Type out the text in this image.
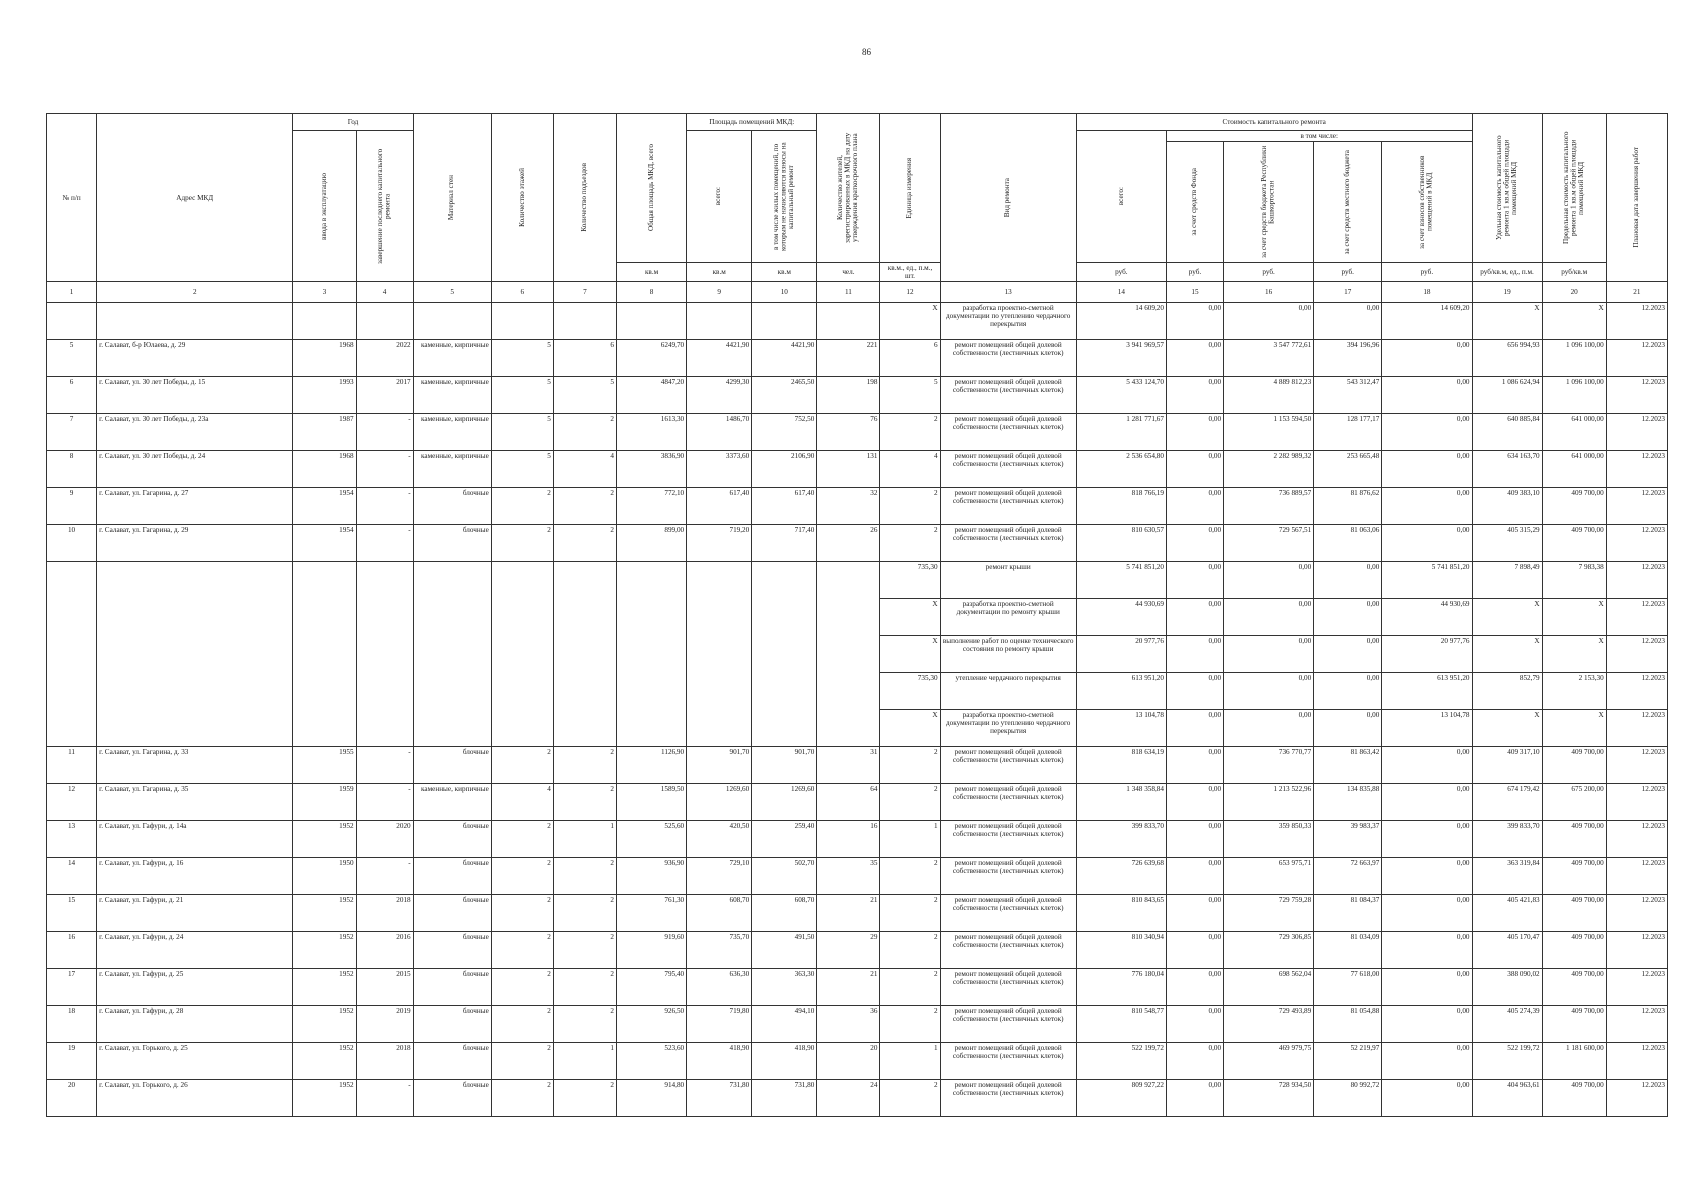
86
№ п/п	Адрес МКД	Год		Материал стен	Количество этажей	Количество подъездов	Общая площадь МКД, всего	Площадь помещений МКД:		Количество жителей, зарегистрированных в МКД на дату утверждения краткосрочного плана	Единица измерения	Вид ремонта	Стоимость капитального ремонта					Удельная стоимость капитального ремонта 1 кв.м общей площади помещений МКД	Предельная стоимость капитального ремонта 1 кв.м общей площади помещений МКД	Плановая дата завершения работ

		ввода в эксплуатацию	завершение последнего капитального ремонта					всего:	в том числе жилых помещений, по которым не начисляются взносы на капитальный ремонт				всего:	в том числе:						

														за счет средств Фонда	за счет средств бюджета Республики Башкортостан	за счет средств местного бюджета	за счет взносов собственников помещений в МКД			

							кв.м	кв.м	кв.м	чел.	кв.м., ед., п.м., шт.		руб.	руб.	руб.	руб.	руб.	руб/кв.м, ед., п.м.	руб/кв.м	
1	2	3	4	5	6	7	8	9	10	11	12	13	14	15	16	17	18	19	20	21
											X	разработка проектно-сметной документации по утеплению чердачного перекрытия	14 609,20	0,00	0,00	0,00	14 609,20	X	X	12.2023
5	г. Салават, б-р Юлаева, д. 29	1968	2022	каменные, кирпичные	5	6	6249,70	4421,90	4421,90	221	6	ремонт помещений общей долевой собственности (лестничных клеток)	3 941 969,57	0,00	3 547 772,61	394 196,96	0,00	656 994,93	1 096 100,00	12.2023
6	г. Салават, ул. 30 лет Победы, д. 15	1993	2017	каменные, кирпичные	5	5	4847,20	4299,30	2465,50	198	5	ремонт помещений общей долевой собственности (лестничных клеток)	5 433 124,70	0,00	4 889 812,23	543 312,47	0,00	1 086 624,94	1 096 100,00	12.2023
7	г. Салават, ул. 30 лет Победы, д. 23а	1987	-	каменные, кирпичные	5	2	1613,30	1486,70	752,50	76	2	ремонт помещений общей долевой собственности (лестничных клеток)	1 281 771,67	0,00	1 153 594,50	128 177,17	0,00	640 885,84	641 000,00	12.2023
8	г. Салават, ул. 30 лет Победы, д. 24	1968	-	каменные, кирпичные	5	4	3836,90	3373,60	2106,90	131	4	ремонт помещений общей долевой собственности (лестничных клеток)	2 536 654,80	0,00	2 282 989,32	253 665,48	0,00	634 163,70	641 000,00	12.2023
9	г. Салават, ул. Гагарина, д. 27	1954	-	блочные	2	2	772,10	617,40	617,40	32	2	ремонт помещений общей долевой собственности (лестничных клеток)	818 766,19	0,00	736 889,57	81 876,62	0,00	409 383,10	409 700,00	12.2023
10	г. Салават, ул. Гагарина, д. 29	1954	-	блочные	2	2	899,00	719,20	717,40	26	2	ремонт помещений общей долевой собственности (лестничных клеток)	810 630,57	0,00	729 567,51	81 063,06	0,00	405 315,29	409 700,00	12.2023
											735,30	ремонт крыши	5 741 851,20	0,00	0,00	0,00	5 741 851,20	7 898,49	7 983,38	12.2023
											X	разработка проектно-сметной документации по ремонту крыши	44 930,69	0,00	0,00	0,00	44 930,69	X	X	12.2023
											X	выполнение работ по оценке технического состояния по ремонту крыши	20 977,76	0,00	0,00	0,00	20 977,76	X	X	12.2023
											735,30	утепление чердачного перекрытия	613 951,20	0,00	0,00	0,00	613 951,20	852,79	2 153,30	12.2023
											X	разработка проектно-сметной документации по утеплению чердачного перекрытия	13 104,78	0,00	0,00	0,00	13 104,78	X	X	12.2023
11	г. Салават, ул. Гагарина, д. 33	1955	-	блочные	2	2	1126,90	901,70	901,70	31	2	ремонт помещений общей долевой собственности (лестничных клеток)	818 634,19	0,00	736 770,77	81 863,42	0,00	409 317,10	409 700,00	12.2023
12	г. Салават, ул. Гагарина, д. 35	1959	-	каменные, кирпичные	4	2	1589,50	1269,60	1269,60	64	2	ремонт помещений общей долевой собственности (лестничных клеток)	1 348 358,84	0,00	1 213 522,96	134 835,88	0,00	674 179,42	675 200,00	12.2023
13	г. Салават, ул. Гафури, д. 14а	1952	2020	блочные	2	1	525,60	420,50	259,40	16	1	ремонт помещений общей долевой собственности (лестничных клеток)	399 833,70	0,00	359 850,33	39 983,37	0,00	399 833,70	409 700,00	12.2023
14	г. Салават, ул. Гафури, д. 16	1950	-	блочные	2	2	936,90	729,10	502,70	35	2	ремонт помещений общей долевой собственности (лестничных клеток)	726 639,68	0,00	653 975,71	72 663,97	0,00	363 319,84	409 700,00	12.2023
15	г. Салават, ул. Гафури, д. 21	1952	2018	блочные	2	2	761,30	608,70	608,70	21	2	ремонт помещений общей долевой собственности (лестничных клеток)	810 843,65	0,00	729 759,28	81 084,37	0,00	405 421,83	409 700,00	12.2023
16	г. Салават, ул. Гафури, д. 24	1952	2016	блочные	2	2	919,60	735,70	491,50	29	2	ремонт помещений общей долевой собственности (лестничных клеток)	810 340,94	0,00	729 306,85	81 034,09	0,00	405 170,47	409 700,00	12.2023
17	г. Салават, ул. Гафури, д. 25	1952	2015	блочные	2	2	795,40	636,30	363,30	21	2	ремонт помещений общей долевой собственности (лестничных клеток)	776 180,04	0,00	698 562,04	77 618,00	0,00	388 090,02	409 700,00	12.2023
18	г. Салават, ул. Гафури, д. 28	1952	2019	блочные	2	2	926,50	719,80	494,10	36	2	ремонт помещений общей долевой собственности (лестничных клеток)	810 548,77	0,00	729 493,89	81 054,88	0,00	405 274,39	409 700,00	12.2023
19	г. Салават, ул. Горького, д. 25	1952	2018	блочные	2	1	523,60	418,90	418,90	20	1	ремонт помещений общей долевой собственности (лестничных клеток)	522 199,72	0,00	469 979,75	52 219,97	0,00	522 199,72	1 181 600,00	12.2023
20	г. Салават, ул. Горького, д. 26	1952	-	блочные	2	2	914,80	731,80	731,80	24	2	ремонт помещений общей долевой собственности (лестничных клеток)	809 927,22	0,00	728 934,50	80 992,72	0,00	404 963,61	409 700,00	12.2023
